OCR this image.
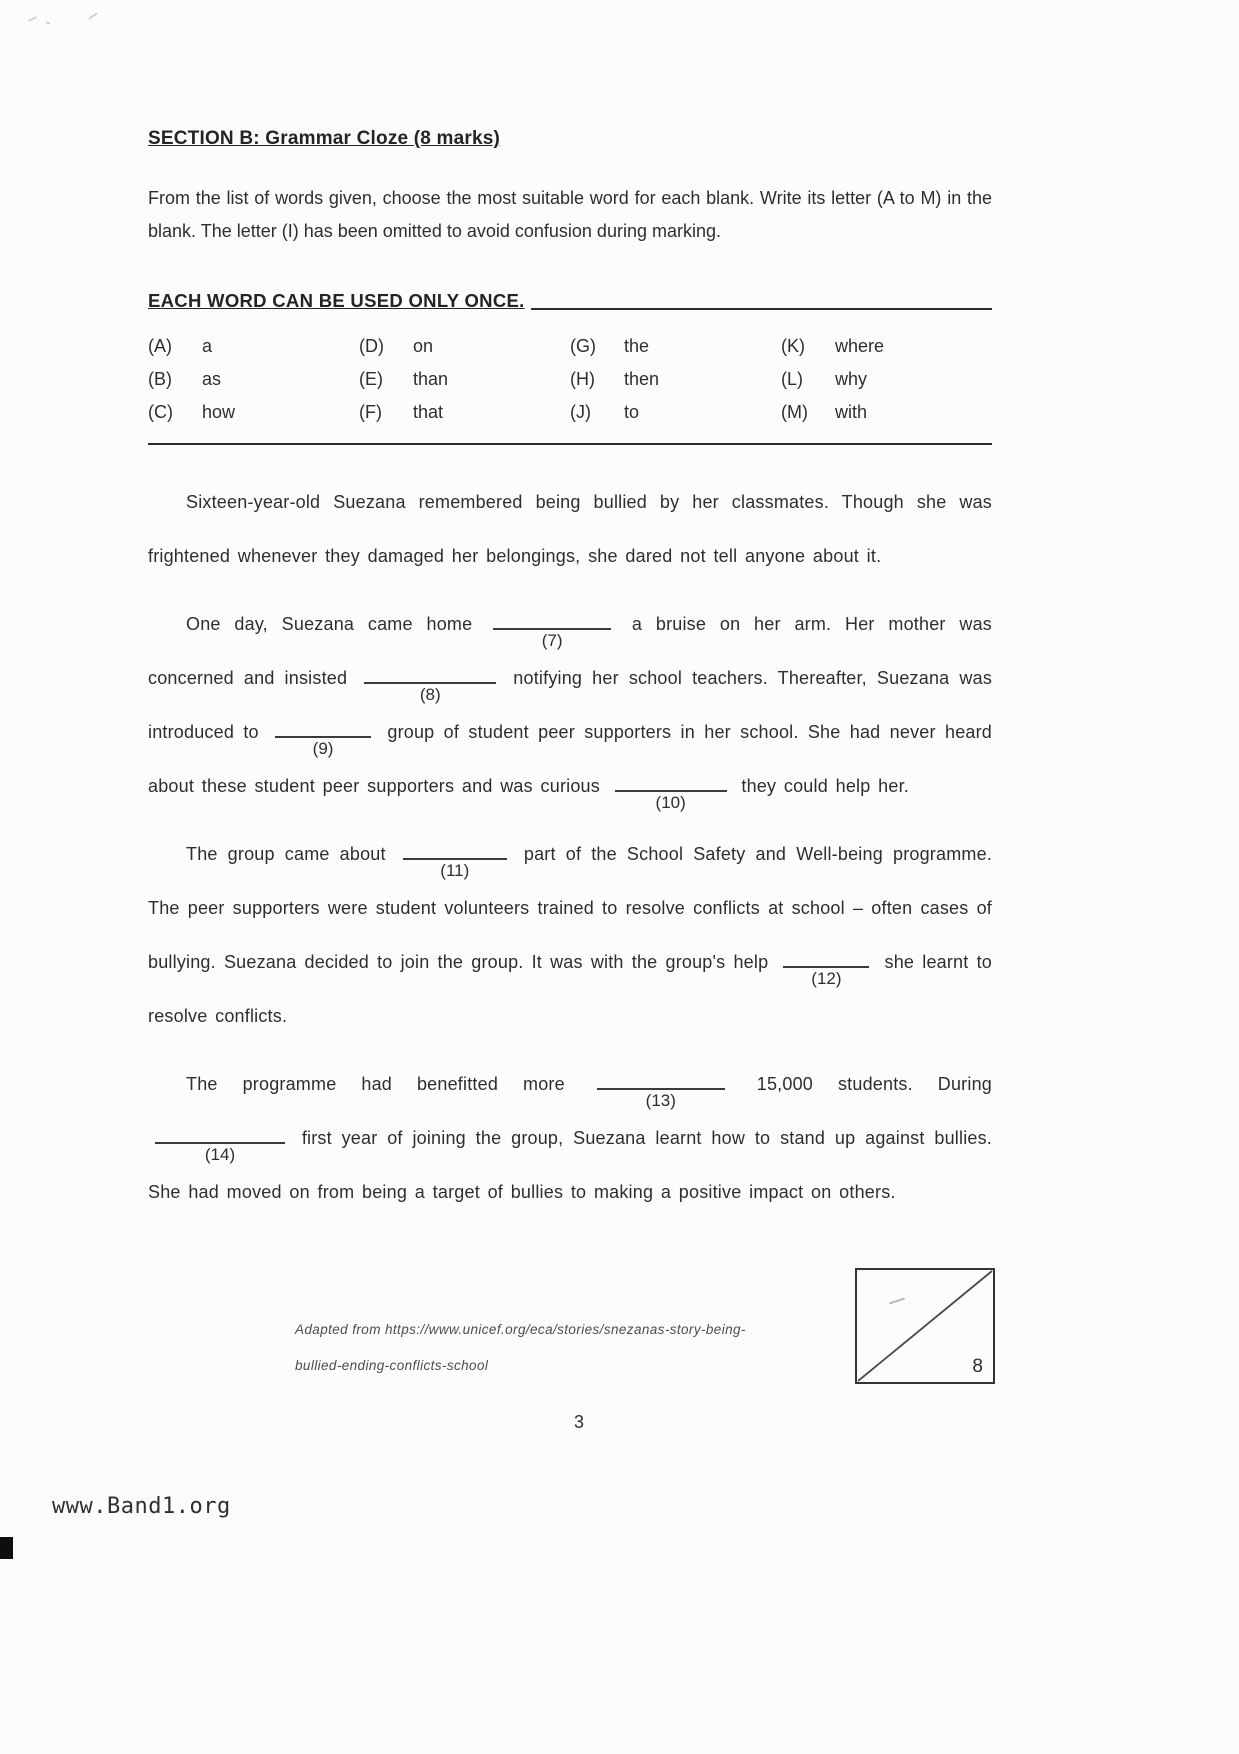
SECTION B: Grammar Cloze (8 marks)
From the list of words given, choose the most suitable word for each blank. Write its letter (A to M) in the blank. The letter (I) has been omitted to avoid confusion during marking.
EACH WORD CAN BE USED ONLY ONCE.
(A)	a	(D)	on	(G)	the	(K)	where
(B)	as	(E)	than	(H)	then	(L)	why
(C)	how	(F)	that	(J)	to	(M)	with

Sixteen-year-old Suezana remembered being bullied by her classmates. Though she was frightened whenever they damaged her belongings, she dared not tell anyone about it.

One day, Suezana came home
(7)
a bruise on her arm. Her mother was concerned and insisted
(8)
notifying her school teachers. Thereafter, Suezana was introduced to
(9)
group of student peer supporters in her school. She had never heard about these student peer supporters and was curious
(10)
they could help her.

The group came about
(11)
part of the School Safety and Well-being programme. The peer supporters were student volunteers trained to resolve conflicts at school – often cases of bullying. Suezana decided to join the group. It was with the group's help
(12)
she learnt to resolve conflicts.

The programme had benefitted more
(13)
15,000 students. During
(14)
first year of joining the group, Suezana learnt how to stand up against bullies. She had moved on from being a target of bullies to making a positive impact on others.

Adapted from https://www.unicef.org/eca/stories/snezanas-story-being-
bullied-ending-conflicts-school	8
3
www.Band1.org
